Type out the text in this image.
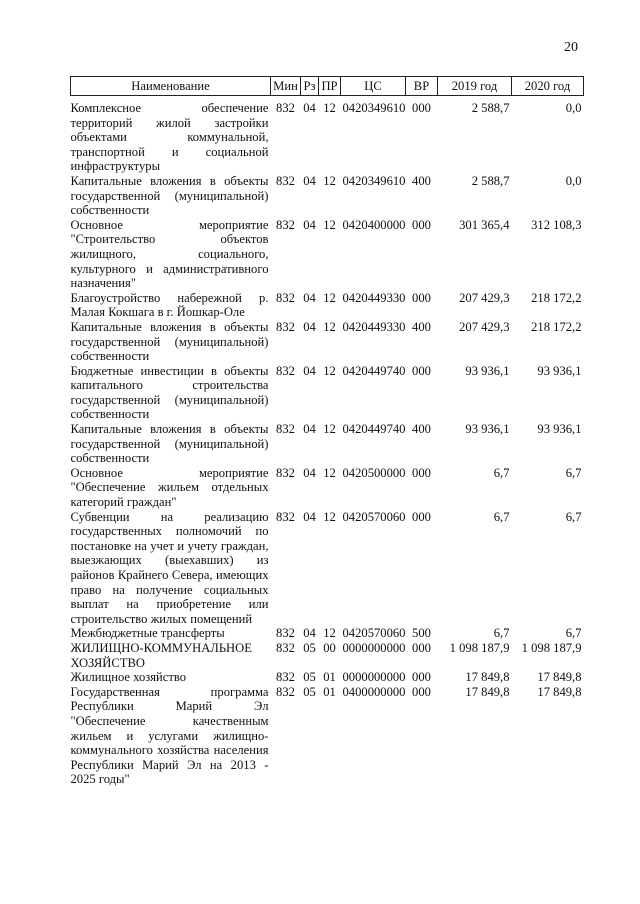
20
Наименование	Мин	Рз	ПР	ЦС	ВР	2019 год	2020 год

Комплексное обеспечение территорий жилой застройки объектами коммунальной, транспортной и социальной инфраструктуры	832	04	12	0420349610	000	2 588,7	0,0
Капитальные вложения в объекты государственной (муниципальной) собственности	832	04	12	0420349610	400	2 588,7	0,0
Основное мероприятие "Строительство объектов жилищного, социального, культурного и административного назначения"	832	04	12	0420400000	000	301 365,4	312 108,3
Благоустройство набережной р. Малая Кокшага в г. Йошкар-Оле	832	04	12	0420449330	000	207 429,3	218 172,2
Капитальные вложения в объекты государственной (муниципальной) собственности	832	04	12	0420449330	400	207 429,3	218 172,2
Бюджетные инвестиции в объекты капитального строительства государственной (муниципальной) собственности	832	04	12	0420449740	000	93 936,1	93 936,1
Капитальные вложения в объекты государственной (муниципальной) собственности	832	04	12	0420449740	400	93 936,1	93 936,1
Основное мероприятие "Обеспечение жильем отдельных категорий граждан"	832	04	12	0420500000	000	6,7	6,7
Субвенции на реализацию государственных полномочий по постановке на учет и учету граждан, выезжающих (выехавших) из районов Крайнего Севера, имеющих право на получение социальных выплат на приобретение или строительство жилых помещений	832	04	12	0420570060	000	6,7	6,7
Межбюджетные трансферты	832	04	12	0420570060	500	6,7	6,7
ЖИЛИЩНО-КОММУНАЛЬНОЕ ХОЗЯЙСТВО	832	05	00	0000000000	000	1 098 187,9	1 098 187,9
Жилищное хозяйство	832	05	01	0000000000	000	17 849,8	17 849,8
Государственная программа Республики Марий Эл "Обеспечение качественным жильем и услугами жилищно-коммунального хозяйства населения Республики Марий Эл на 2013 - 2025 годы"	832	05	01	0400000000	000	17 849,8	17 849,8
